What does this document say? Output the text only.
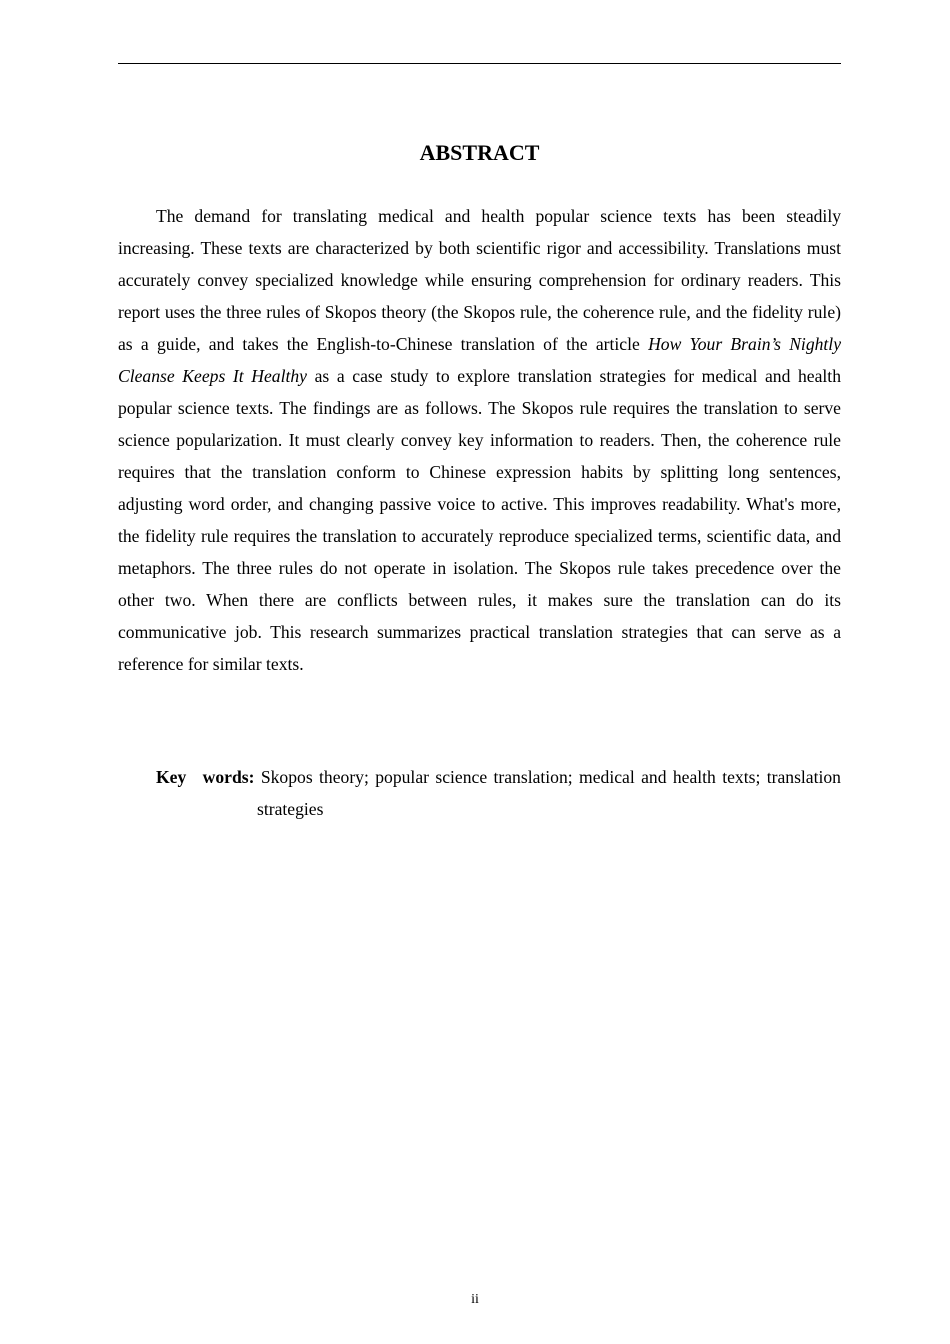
ABSTRACT

The demand for translating medical and health popular science texts has been steadily increasing. These texts are characterized by both scientific rigor and accessibility. Translations must accurately convey specialized knowledge while ensuring comprehension for ordinary readers. This report uses the three rules of Skopos theory (the Skopos rule, the coherence rule, and the fidelity rule) as a guide, and takes the English-to-Chinese translation of the article How Your Brain’s Nightly Cleanse Keeps It Healthy as a case study to explore translation strategies for medical and health popular science texts. The findings are as follows. The Skopos rule requires the translation to serve science popularization. It must clearly convey key information to readers. Then, the coherence rule requires that the translation conform to Chinese expression habits by splitting long sentences, adjusting word order, and changing passive voice to active. This improves readability. What's more, the fidelity rule requires the translation to accurately reproduce specialized terms, scientific data, and metaphors. The three rules do not operate in isolation. The Skopos rule takes precedence over the other two. When there are conflicts between rules, it makes sure the translation can do its communicative job. This research summarizes practical translation strategies that can serve as a reference for similar texts.

Key words: Skopos theory; popular science translation; medical and health texts; translation strategies

ii
